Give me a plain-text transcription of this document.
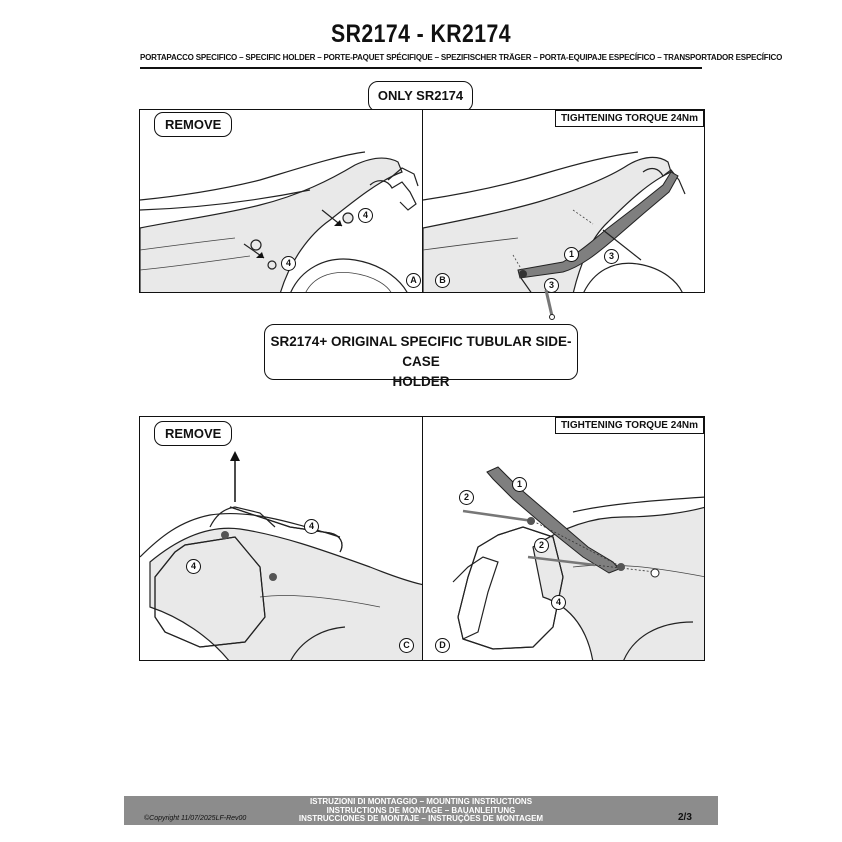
SR2174 - KR2174
PORTAPACCO SPECIFICO – SPECIFIC HOLDER – PORTE-PAQUET SPÉCIFIQUE – SPEZIFISCHER TRÄGER – PORTA-EQUIPAJE ESPECÍFICO – TRANSPORTADOR ESPECÍFICO
ONLY SR2174
REMOVE
A
4
4
TIGHTENING TORQUE 24Nm
B
1	3
3
SR2174+ ORIGINAL SPECIFIC TUBULAR SIDE-CASE
HOLDER
REMOVE
C
4
4
TIGHTENING TORQUE 24Nm
D
1
2
2
4
ISTRUZIONI DI MONTAGGIO – MOUNTING INSTRUCTIONS
INSTRUCTIONS DE MONTAGE – BAUANLEITUNG
INSTRUCCIONES DE MONTAJE – INSTRUÇÕES DE MONTAGEM
©Copyright 11/07/2025LF-Rev00	2/3
